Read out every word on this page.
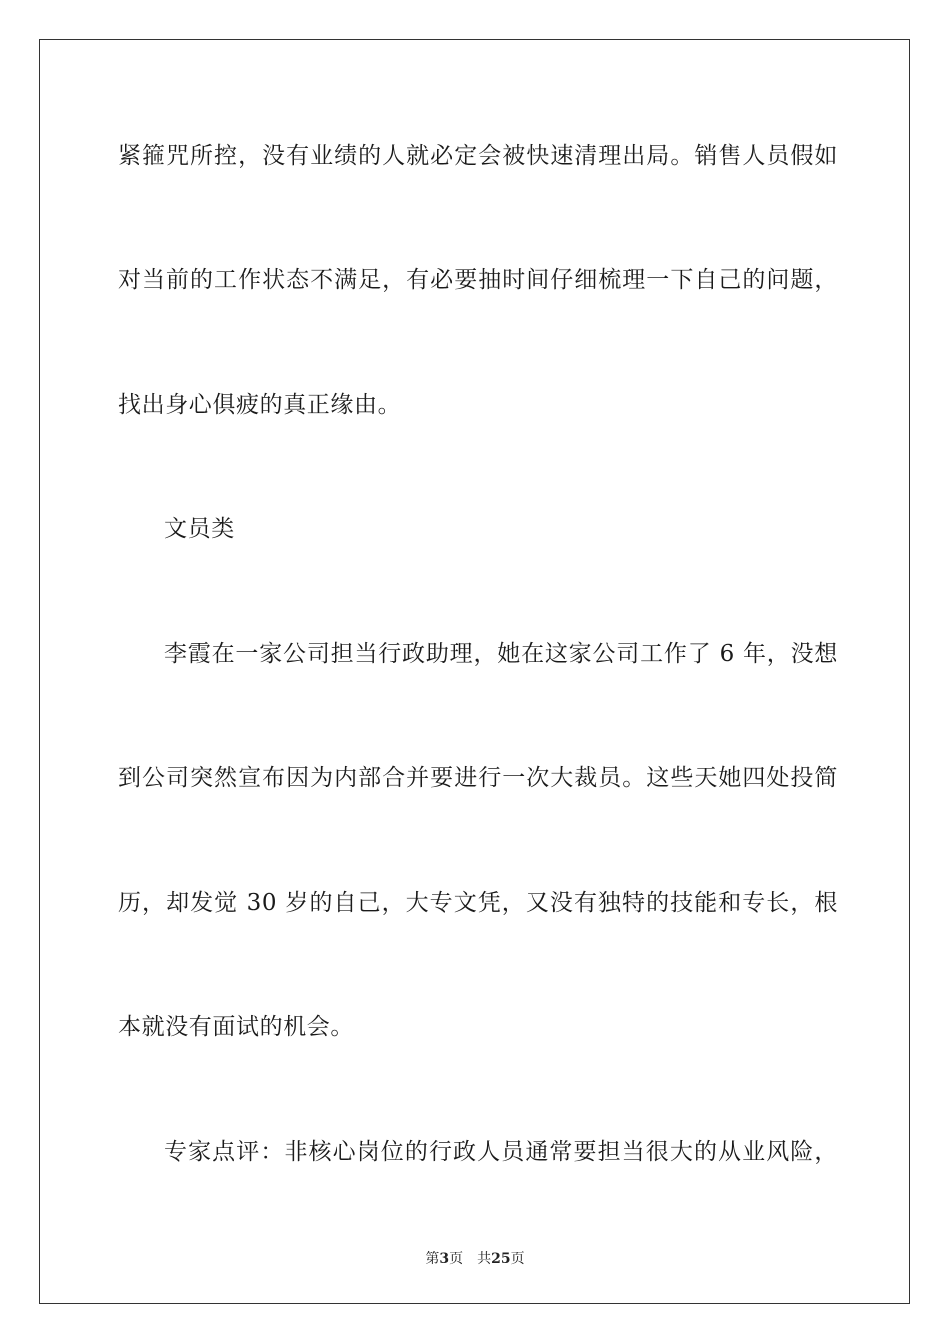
紧箍咒所控，没有业绩的人就必定会被快速清理出局。销售人员假如
对当前的工作状态不满足，有必要抽时间仔细梳理一下自己的问题，
找出身心俱疲的真正缘由。
文员类
李霞在一家公司担当行政助理，她在这家公司工作了 6 年，没想
到公司突然宣布因为内部合并要进行一次大裁员。这些天她四处投简
历，却发觉 30 岁的自己，大专文凭，又没有独特的技能和专长，根
本就没有面试的机会。
专家点评：非核心岗位的行政人员通常要担当很大的从业风险，
第3页 共25页
